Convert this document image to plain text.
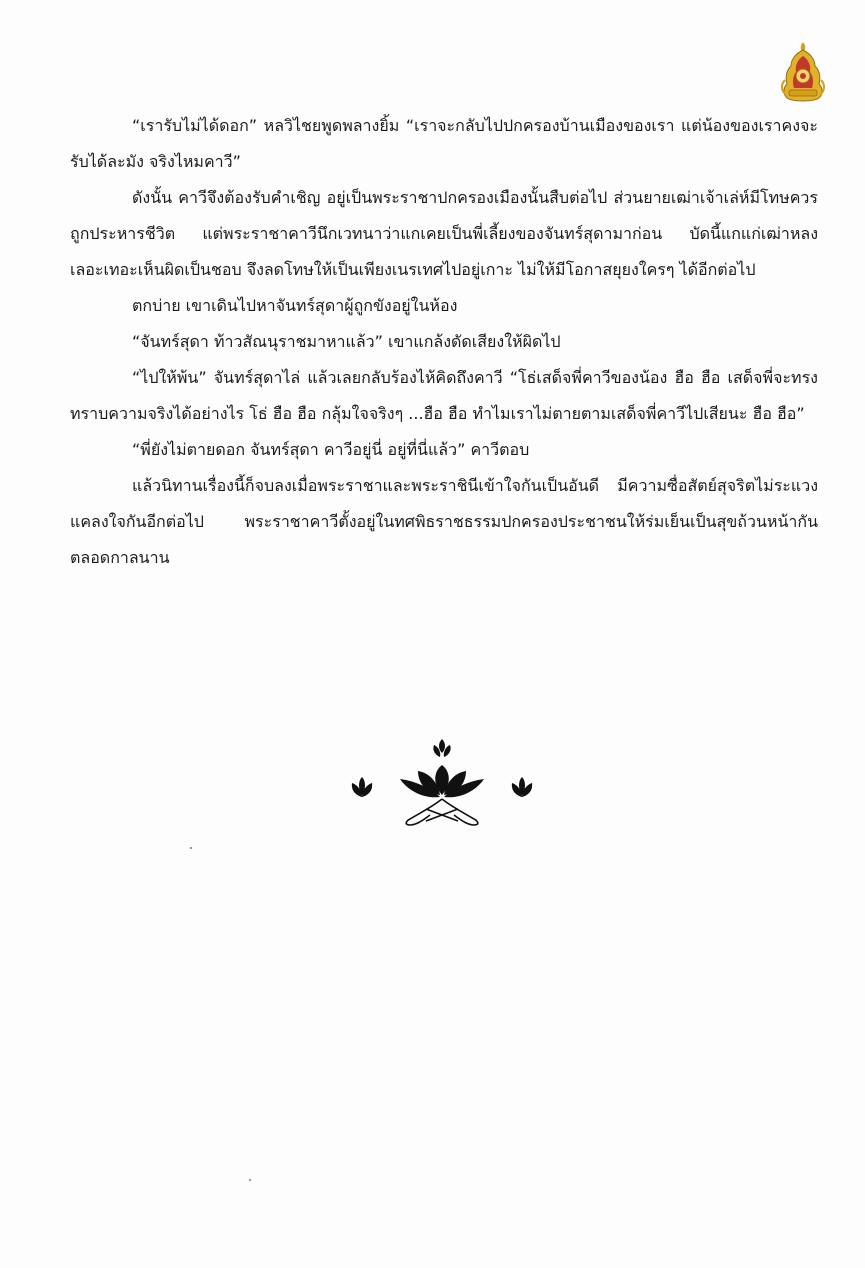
“เรารับไม่ได้ดอก” หลวิไชยพูดพลางยิ้ม “เราจะกลับไปปกครองบ้านเมืองของเรา แต่น้องของเราคงจะรับได้ละมัง จริงไหมคาวี”

ดังนั้น คาวีจึงต้องรับคำเชิญ อยู่เป็นพระราชาปกครองเมืองนั้นสืบต่อไป ส่วนยายเฒ่าเจ้าเล่ห์มีโทษควรถูกประหารชีวิต แต่พระราชาคาวีนึกเวทนาว่าแกเคยเป็นพี่เลี้ยงของจันทร์สุดามาก่อน บัดนี้แกแก่เฒ่าหลงเลอะเทอะเห็นผิดเป็นชอบ จึงลดโทษให้เป็นเพียงเนรเทศไปอยู่เกาะ ไม่ให้มีโอกาสยุยงใครๆ ได้อีกต่อไป

ตกบ่าย เขาเดินไปหาจันทร์สุดาผู้ถูกขังอยู่ในห้อง

“จันทร์สุดา ท้าวสัณนุราชมาหาแล้ว” เขาแกล้งดัดเสียงให้ผิดไป

“ไปให้พ้น” จันทร์สุดาไล่ แล้วเลยกลับร้องไห้คิดถึงคาวี “โธ่เสด็จพี่คาวีของน้อง ฮือ ฮือ เสด็จพี่จะทรงทราบความจริงได้อย่างไร โธ่ ฮือ ฮือ กลุ้มใจจริงๆ ...ฮือ ฮือ ทำไมเราไม่ตายตามเสด็จพี่คาวีไปเสียนะ ฮือ ฮือ”

“พี่ยังไม่ตายดอก จันทร์สุดา คาวีอยู่นี่ อยู่ที่นี่แล้ว” คาวีตอบ

แล้วนิทานเรื่องนี้ก็จบลงเมื่อพระราชาและพระราชินีเข้าใจกันเป็นอันดี มีความซื่อสัตย์สุจริตไม่ระแวงแคลงใจกันอีกต่อไป พระราชาคาวีตั้งอยู่ในทศพิธราชธรรมปกครองประชาชนให้ร่มเย็นเป็นสุขถ้วนหน้ากันตลอดกาลนาน
